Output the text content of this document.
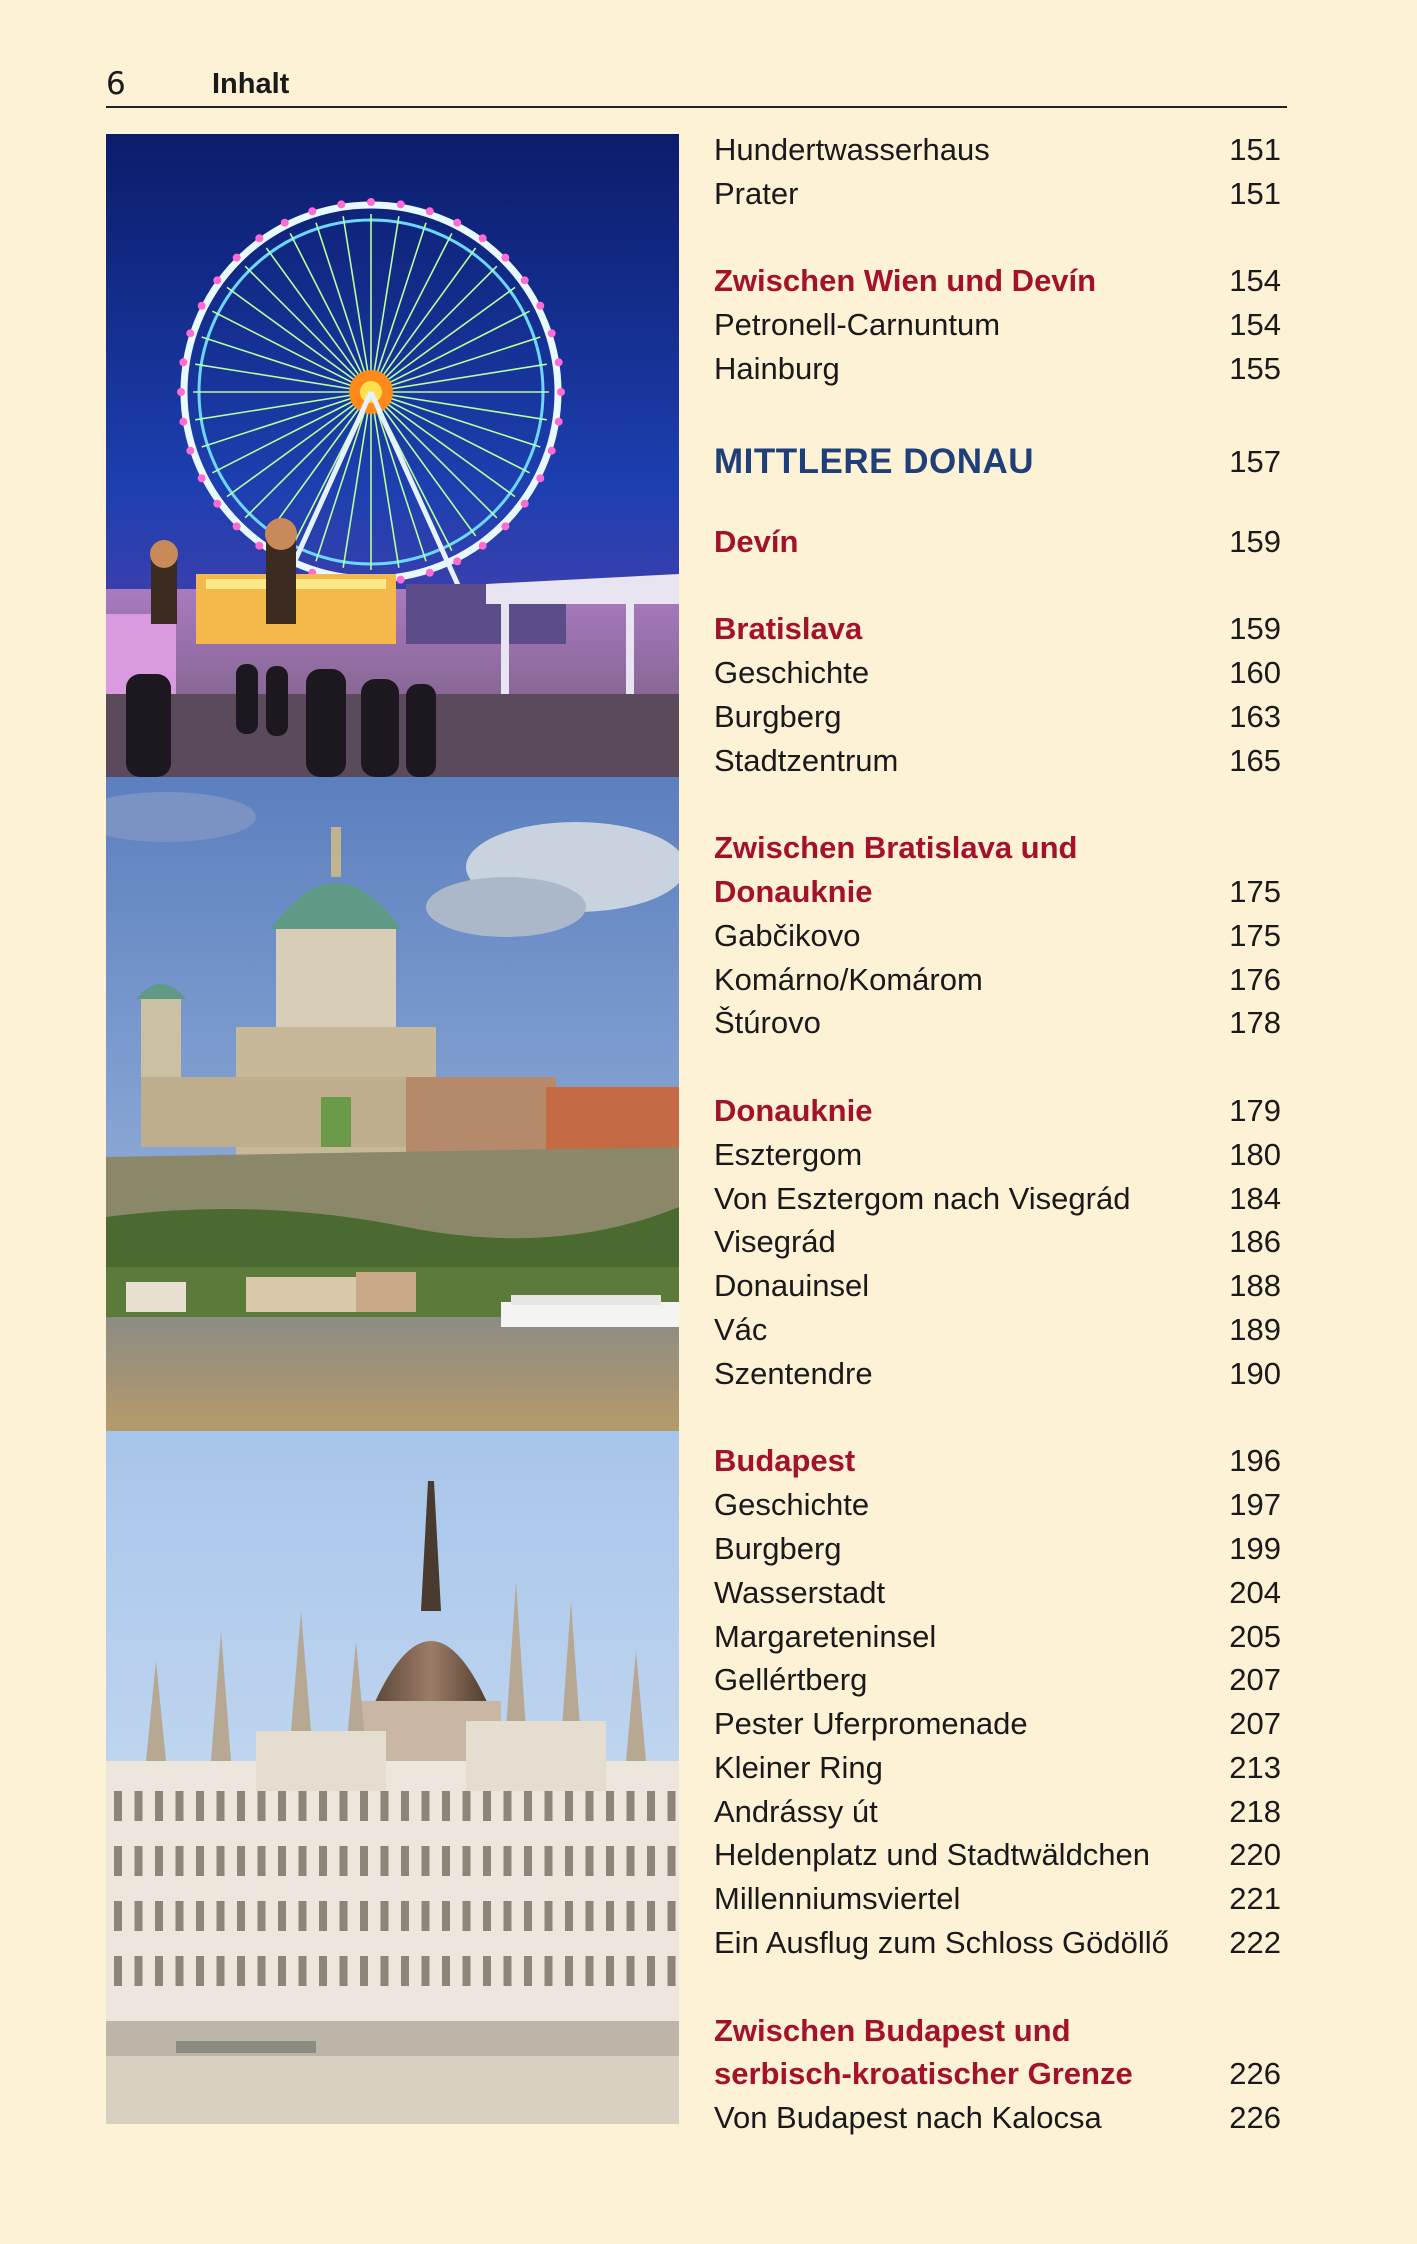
6	Inhalt
Hundertwasserhaus	151
Prater	151
Zwischen Wien und Devín	154
Petronell-Carnuntum	154
Hainburg	155
MITTLERE DONAU	157
Devín	159
Bratislava	159
Geschichte	160
Burgberg	163
Stadtzentrum	165
Zwischen Bratislava und
Donauknie	175
Gabčikovo	175
Komárno/Komárom	176
Štúrovo	178
Donauknie	179
Esztergom	180
Von Esztergom nach Visegrád	184
Visegrád	186
Donauinsel	188
Vác	189
Szentendre	190
Budapest	196
Geschichte	197
Burgberg	199
Wasserstadt	204
Margareteninsel	205
Gellértberg	207
Pester Uferpromenade	207
Kleiner Ring	213
Andrássy út	218
Heldenplatz und Stadtwäldchen	220
Millenniumsviertel	221
Ein Ausflug zum Schloss Gödöllő 222
Zwischen Budapest und
serbisch-kroatischer Grenze	226
Von Budapest nach Kalocsa	226
